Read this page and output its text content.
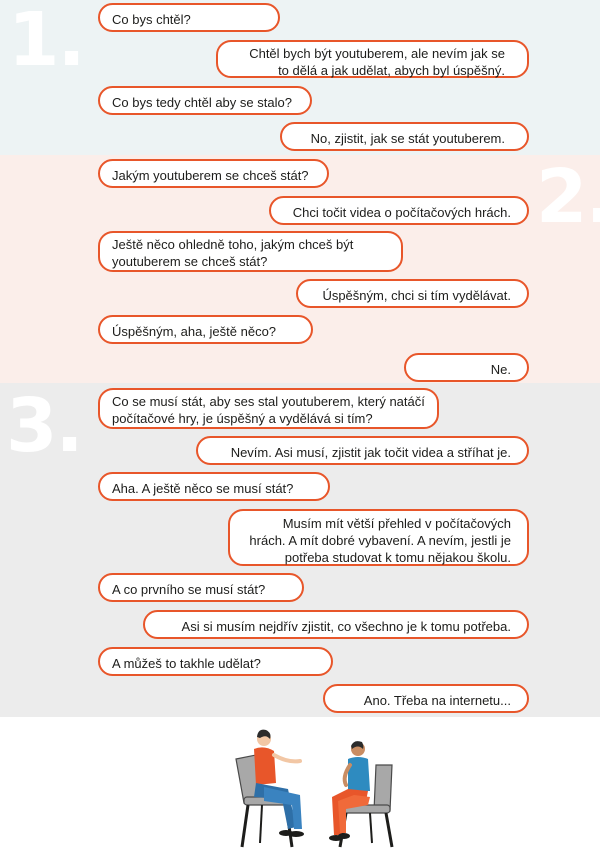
1.
2.
3.
Co bys chtěl?
Chtěl bych být youtuberem, ale nevím jak se to dělá a jak udělat, abych byl úspěšný.
Co bys tedy chtěl aby se stalo?
No, zjistit, jak se stát youtuberem.
Jakým youtuberem se chceš stát?
Chci točit videa o počítačových hrách.
Ještě něco ohledně toho, jakým chceš být youtuberem se chceš stát?
Úspěšným, chci si tím vydělávat.
Úspěšným, aha, ještě něco?
Ne.
Co se musí stát, aby ses stal youtuberem, který natáčí počítačové hry, je úspěšný a vydělává si tím?
Nevím. Asi musí, zjistit jak točit videa a stříhat je.
Aha. A ještě něco se musí stát?
Musím mít větší přehled v počítačových hrách. A mít dobré vybavení. A nevím, jestli je potřeba studovat k tomu nějakou školu.
A co prvního se musí stát?
Asi si musím nejdřív zjistit, co všechno je k tomu potřeba.
A můžeš to takhle udělat?
Ano. Třeba na internetu...
